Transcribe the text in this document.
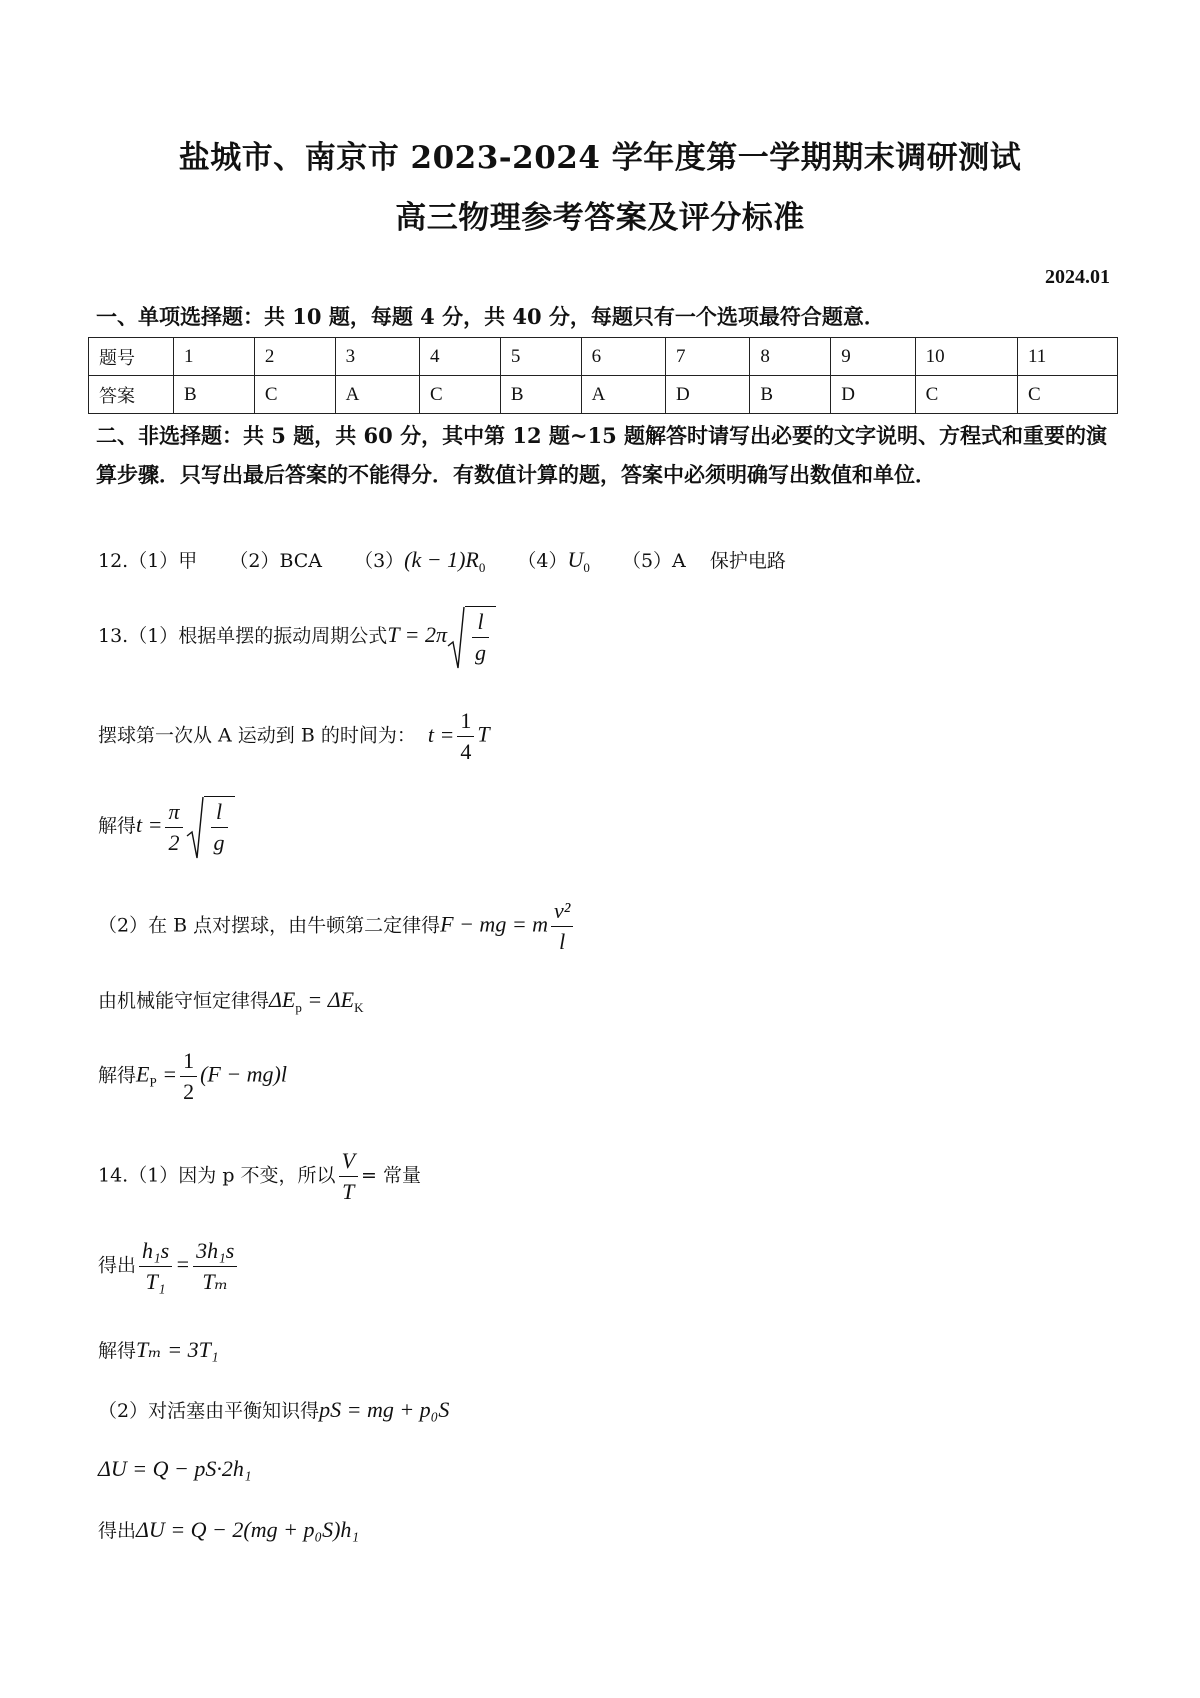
盐城市、南京市 2023-2024 学年度第一学期期末调研测试
高三物理参考答案及评分标准
2024.01
一、单项选择题：共 10 题，每题 4 分，共 40 分，每题只有一个选项最符合题意．
题号	1	2	3	4	5	6	7	8	9	10	11
答案	B	C	A	C	B	A	D	B	D	C	C
二、非选择题：共 5 题，共 60 分，其中第 12 题~15 题解答时请写出必要的文字说明、方程式和重要的演算步骤．只写出最后答案的不能得分．有数值计算的题，答案中必须明确写出数值和单位．
12.（1）甲 （2）BCA $(3)(k - 1)R_0$ $(4)U_0$ （5）A 保护电路
13.（1）根据单摆的振动周期公式$T = 2\pi \frac{l}{g}$
摆球第一次从 A 运动到 B 的时间为： $t = \frac{1}{4}$ T
解得$t = \frac{\pi}{2} \frac{l}{g}$
（2）在 B 点对摆球，由牛顿第二定律得F − mg = m $\frac{\text{v²}}{l}$
由机械能守恒定律得$\Delta E_p = \Delta E_K$
解得$E_P = \frac{1}{2} (F - mg)l$
14.（1）因为 p 不变，所以 $\frac{V}{T}$ = 常量
得出 $\frac{\text{h₁s}}{\text{T₁}} = \frac{\text{3h₁s}}{\text{Tₘ}}$
解得Tₘ = 3T₁
（2）对活塞由平衡知识得pS = mg + p₀S
ΔU = Q − pS·2h₁
得出ΔU = Q − 2(mg + p₀S)h₁
